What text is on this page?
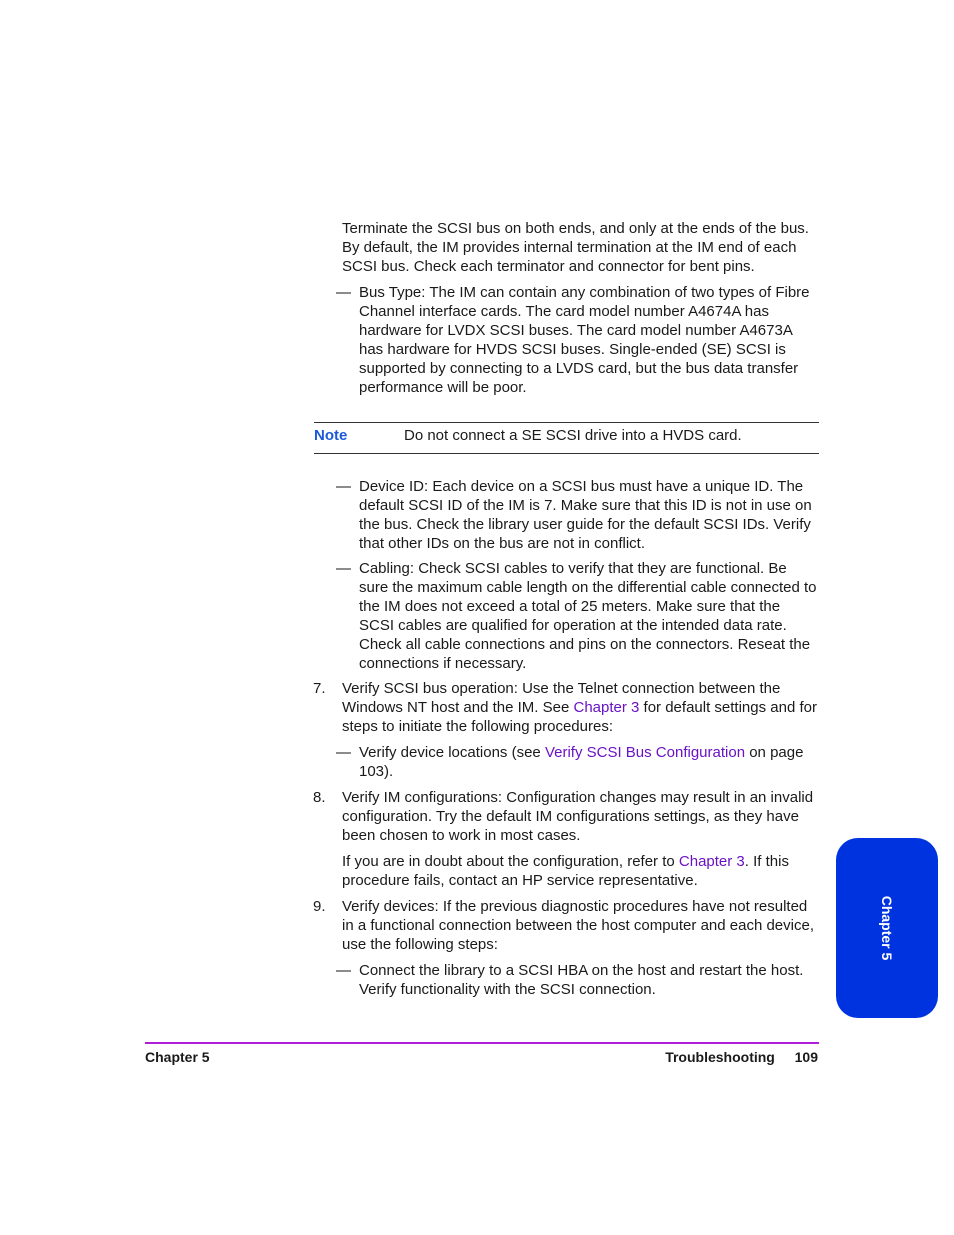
Terminate the SCSI bus on both ends, and only at the ends of the bus. By default, the IM provides internal termination at the IM end of each SCSI bus. Check each terminator and connector for bent pins.

— Bus Type: The IM can contain any combination of two types of Fibre Channel interface cards. The card model number A4674A has hardware for LVDX SCSI buses. The card model number A4673A has hardware for HVDS SCSI buses. Single-ended (SE) SCSI is supported by connecting to a LVDS card, but the bus data transfer performance will be poor.

Note	Do not connect a SE SCSI drive into a HVDS card.

— Device ID: Each device on a SCSI bus must have a unique ID. The default SCSI ID of the IM is 7. Make sure that this ID is not in use on the bus. Check the library user guide for the default SCSI IDs. Verify that other IDs on the bus are not in conflict.

— Cabling: Check SCSI cables to verify that they are functional. Be sure the maximum cable length on the differential cable connected to the IM does not exceed a total of 25 meters. Make sure that the SCSI cables are qualified for operation at the intended data rate. Check all cable connections and pins on the connectors. Reseat the connections if necessary.

7. Verify SCSI bus operation: Use the Telnet connection between the Windows NT host and the IM. See Chapter 3 for default settings and for steps to initiate the following procedures:

— Verify device locations (see Verify SCSI Bus Configuration on page 103).

8. Verify IM configurations: Configuration changes may result in an invalid configuration. Try the default IM configurations settings, as they have been chosen to work in most cases.

If you are in doubt about the configuration, refer to Chapter 3. If this procedure fails, contact an HP service representative.

9. Verify devices: If the previous diagnostic procedures have not resulted in a functional connection between the host computer and each device, use the following steps:

— Connect the library to a SCSI HBA on the host and restart the host. Verify functionality with the SCSI connection.

Chapter 5	Troubleshooting 109
Chapter 5
